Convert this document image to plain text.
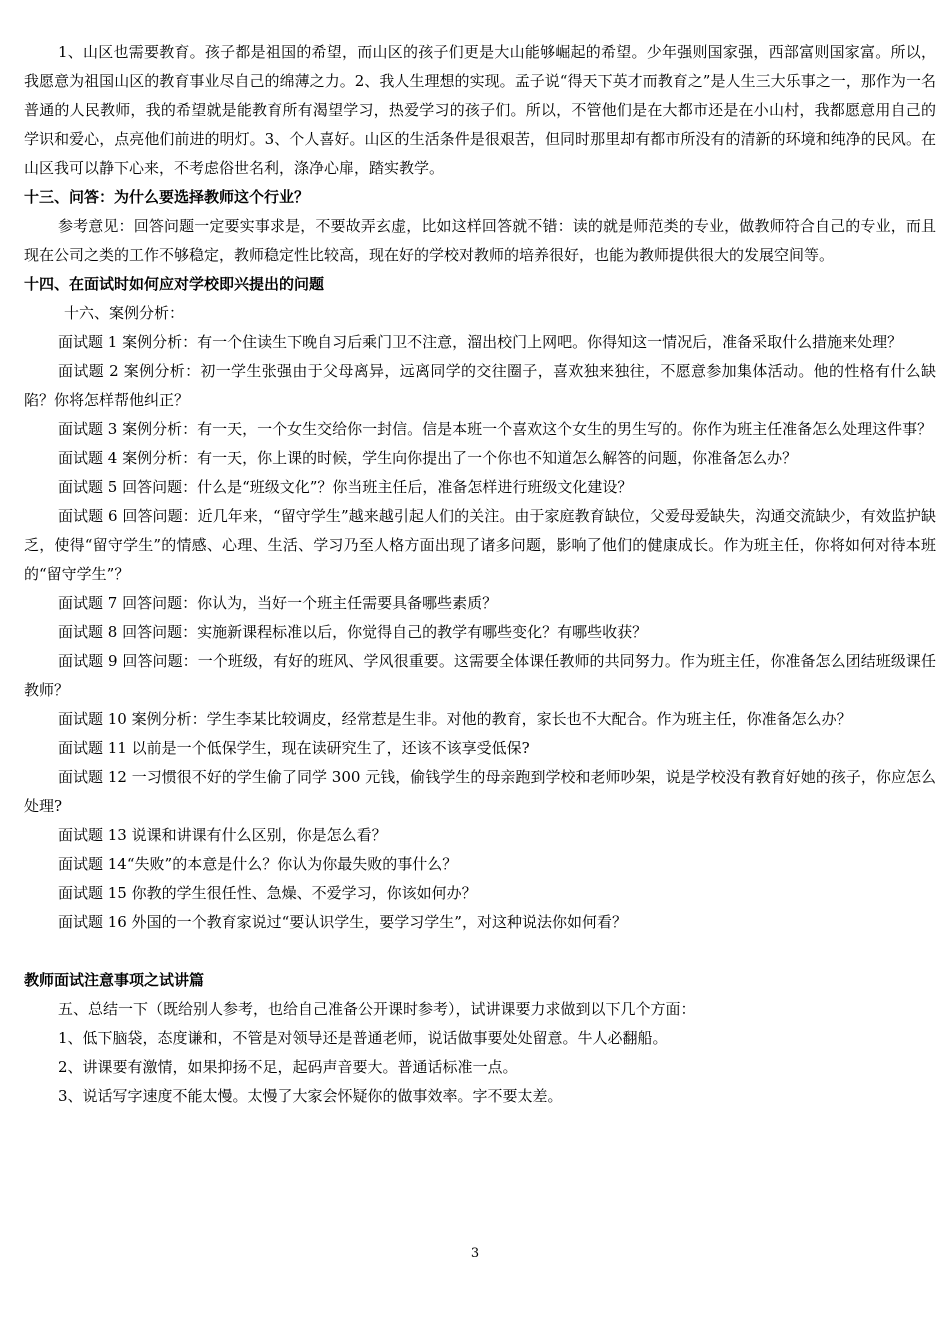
1、山区也需要教育。孩子都是祖国的希望，而山区的孩子们更是大山能够崛起的希望。少年强则国家强，西部富则国家富。所以，我愿意为祖国山区的教育事业尽自己的绵薄之力。2、我人生理想的实现。孟子说“得天下英才而教育之”是人生三大乐事之一，那作为一名普通的人民教师，我的希望就是能教育所有渴望学习，热爱学习的孩子们。所以，不管他们是在大都市还是在小山村，我都愿意用自己的学识和爱心，点亮他们前进的明灯。3、个人喜好。山区的生活条件是很艰苦，但同时那里却有都市所没有的清新的环境和纯净的民风。在山区我可以静下心来，不考虑俗世名利，涤净心扉，踏实教学。

十三、问答：为什么要选择教师这个行业？

参考意见：回答问题一定要实事求是，不要故弄玄虚，比如这样回答就不错：读的就是师范类的专业，做教师符合自己的专业，而且现在公司之类的工作不够稳定，教师稳定性比较高，现在好的学校对教师的培养很好，也能为教师提供很大的发展空间等。

十四、在面试时如何应对学校即兴提出的问题

十六、案例分析：

面试题 1 案例分析：有一个住读生下晚自习后乘门卫不注意，溜出校门上网吧。你得知这一情况后，准备采取什么措施来处理？

面试题 2 案例分析：初一学生张强由于父母离异，远离同学的交往圈子，喜欢独来独往，不愿意参加集体活动。他的性格有什么缺陷？你将怎样帮他纠正？

面试题 3 案例分析：有一天，一个女生交给你一封信。信是本班一个喜欢这个女生的男生写的。你作为班主任准备怎么处理这件事？

面试题 4 案例分析：有一天，你上课的时候，学生向你提出了一个你也不知道怎么解答的问题，你准备怎么办？

面试题 5 回答问题：什么是“班级文化”？你当班主任后，准备怎样进行班级文化建设？

面试题 6 回答问题：近几年来，“留守学生”越来越引起人们的关注。由于家庭教育缺位，父爱母爱缺失，沟通交流缺少，有效监护缺乏，使得“留守学生”的情感、心理、生活、学习乃至人格方面出现了诸多问题，影响了他们的健康成长。作为班主任，你将如何对待本班的“留守学生”？

面试题 7 回答问题：你认为，当好一个班主任需要具备哪些素质？

面试题 8 回答问题：实施新课程标准以后，你觉得自己的教学有哪些变化？有哪些收获？

面试题 9 回答问题：一个班级，有好的班风、学风很重要。这需要全体课任教师的共同努力。作为班主任，你准备怎么团结班级课任教师？

面试题 10 案例分析：学生李某比较调皮，经常惹是生非。对他的教育，家长也不大配合。作为班主任，你准备怎么办？

面试题 11 以前是一个低保学生，现在读研究生了，还该不该享受低保?

面试题 12 一习惯很不好的学生偷了同学 300 元钱，偷钱学生的母亲跑到学校和老师吵架，说是学校没有教育好她的孩子，你应怎么处理?

面试题 13 说课和讲课有什么区别，你是怎么看？

面试题 14“失败”的本意是什么？你认为你最失败的事什么？

面试题 15 你教的学生很任性、急燥、不爱学习，你该如何办？

面试题 16 外国的一个教育家说过“要认识学生，要学习学生”，对这种说法你如何看？

教师面试注意事项之试讲篇

五、总结一下（既给别人参考，也给自己准备公开课时参考），试讲课要力求做到以下几个方面：

1、低下脑袋，态度谦和，不管是对领导还是普通老师，说话做事要处处留意。牛人必翻船。

2、讲课要有激情，如果抑扬不足，起码声音要大。普通话标准一点。

3、说话写字速度不能太慢。太慢了大家会怀疑你的做事效率。字不要太差。

3
